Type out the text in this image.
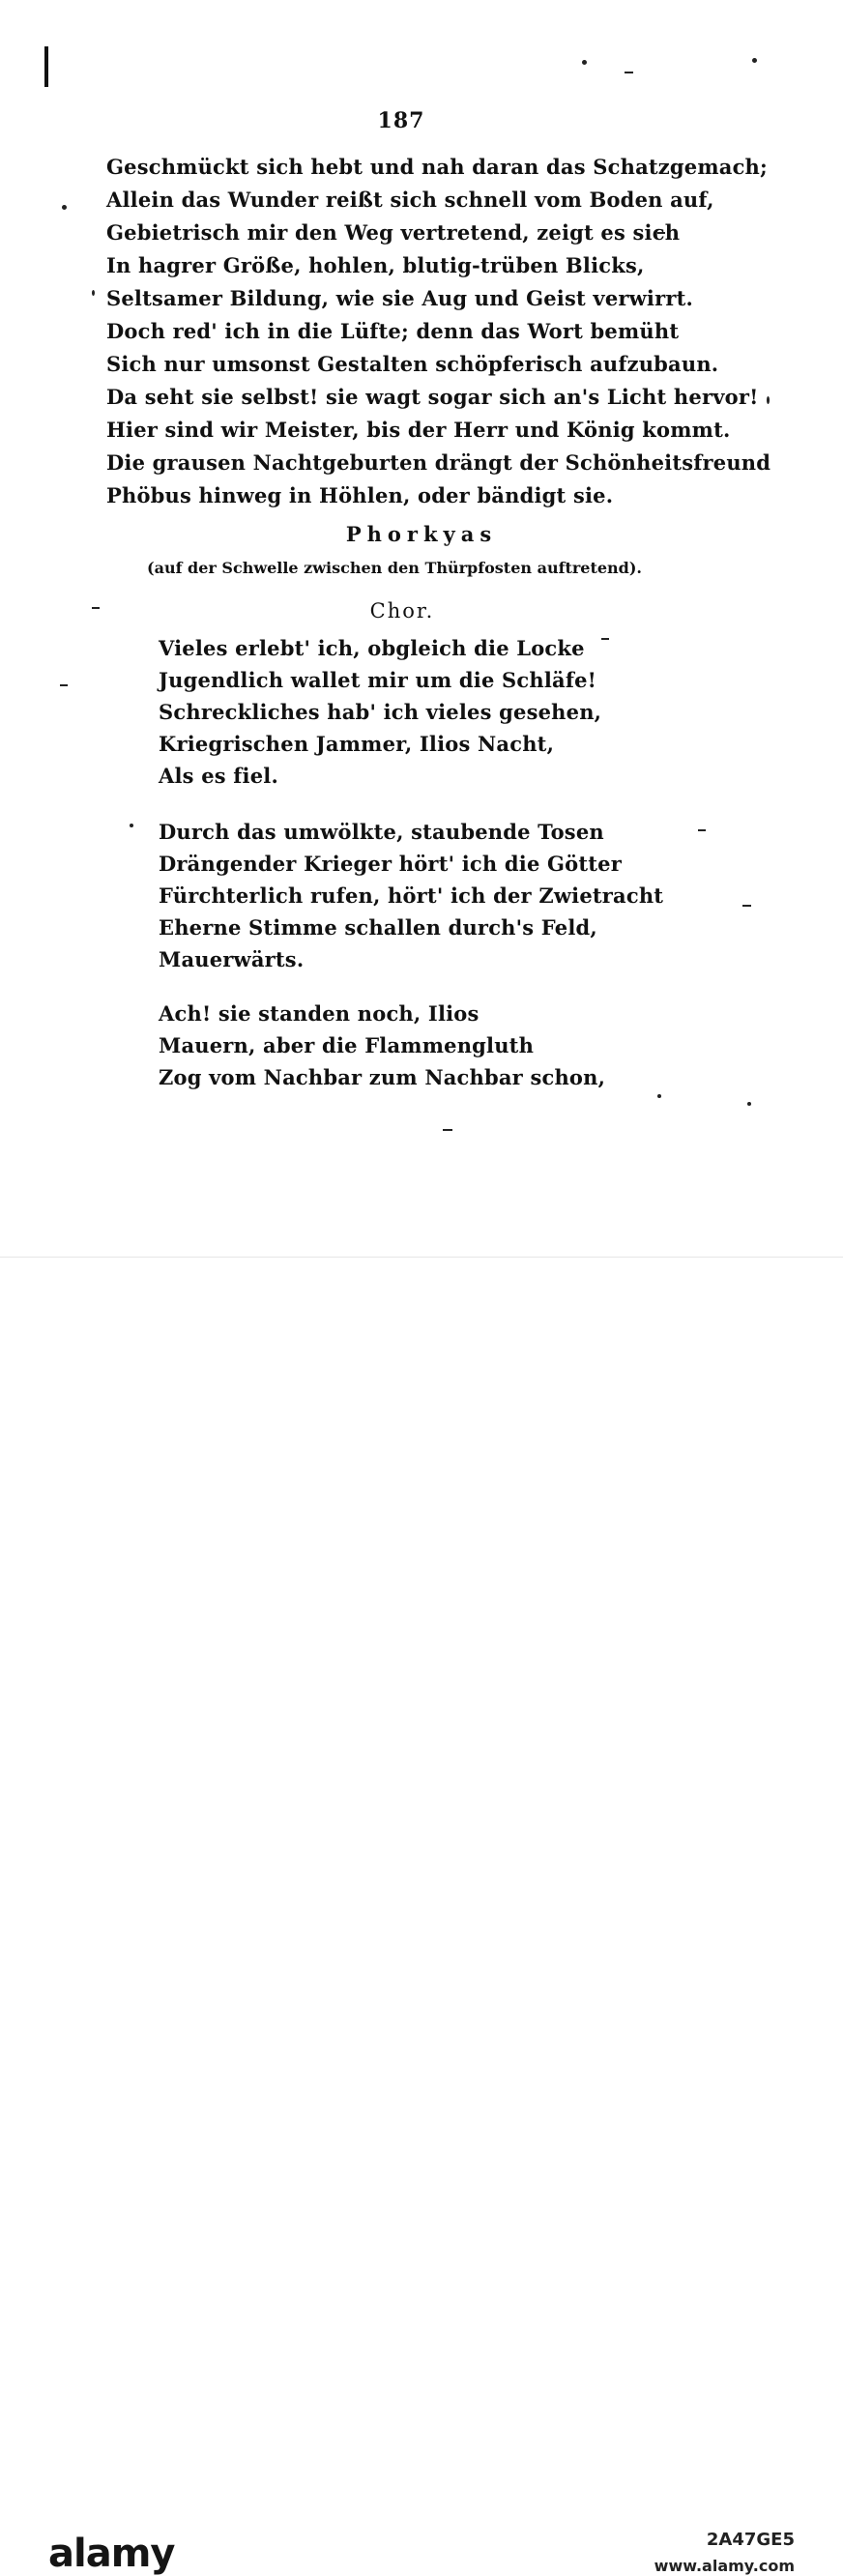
187
Geschmückt sich hebt und nah daran das Schatzgemach;
Allein das Wunder reißt sich schnell vom Boden auf,
Gebietrisch mir den Weg vertretend, zeigt es sich
In hagrer Größe, hohlen, blutig-trüben Blicks,
Seltsamer Bildung, wie sie Aug und Geist verwirrt.
Doch red' ich in die Lüfte; denn das Wort bemüht
Sich nur umsonst Gestalten schöpferisch aufzubaun.
Da seht sie selbst! sie wagt sogar sich an's Licht hervor!
Hier sind wir Meister, bis der Herr und König kommt.
Die grausen Nachtgeburten drängt der Schönheitsfreund
Phöbus hinweg in Höhlen, oder bändigt sie.
Phorkyas
(auf der Schwelle zwischen den Thürpfosten auftretend).
Chor.
Vieles erlebt' ich, obgleich die Locke
Jugendlich wallet mir um die Schläfe!
Schreckliches hab' ich vieles gesehen,
Kriegrischen Jammer, Ilios Nacht,
Als es fiel.
Durch das umwölkte, staubende Tosen
Drängender Krieger hört' ich die Götter
Fürchterlich rufen, hört' ich der Zwietracht
Eherne Stimme schallen durch's Feld,
Mauerwärts.
Ach! sie standen noch, Ilios
Mauern, aber die Flammengluth
Zog vom Nachbar zum Nachbar schon,
alamy	2A47GE5
www.alamy.com
